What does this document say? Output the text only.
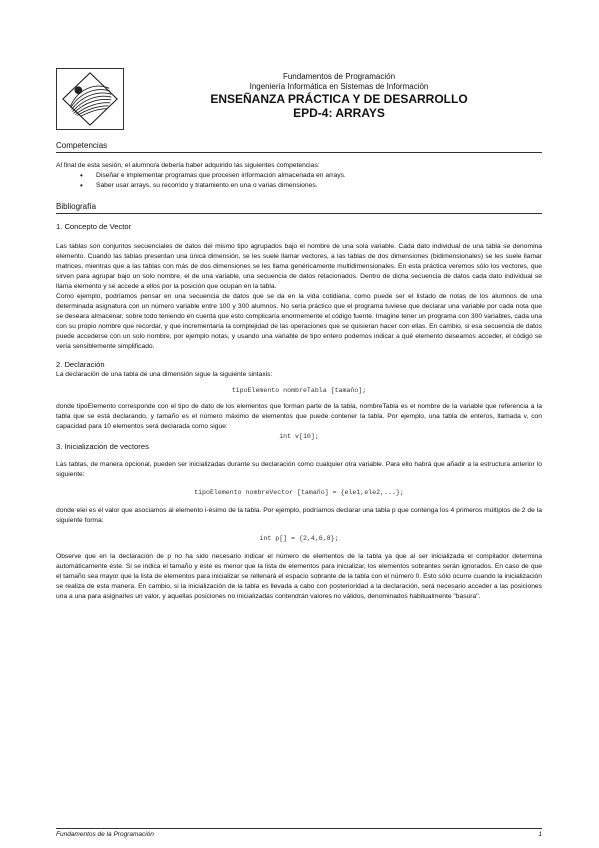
Fundamentos de Programación
Ingeniería Informática en Sistemas de Información
ENSEÑANZA PRÁCTICA Y DE DESARROLLO
EPD-4: ARRAYS
Competencias

Al final de esta sesión, el alumno/a debería haber adquirido las siguientes competencias:

• Diseñar e implementar programas que procesen información almacenada en arrays.
• Saber usar arrays, su recorrido y tratamiento en una o varias dimensiones.
Bibliografía

1. Concepto de Vector

Las tablas son conjuntos secuenciales de datos del mismo tipo agrupados bajo el nombre de una sola variable. Cada dato individual de una tabla se denomina elemento. Cuando las tablas presentan una única dimensión, se les suele llamar vectores, a las tablas de dos dimensiones (bidimensionales) se les suele llamar matrices, mientras que a las tablas con más de dos dimensiones se les llama genéricamente multidimensionales. En esta práctica veremos sólo los vectores, que sirven para agrupar bajo un solo nombre, el de una variable, una secuencia de datos relacionados. Dentro de dicha secuencia de datos cada dato individual se llama elemento y se accede a ellos por la posición que ocupan en la tabla.

Como ejemplo, podríamos pensar en una secuencia de datos que se da en la vida cotidiana, como puede ser el listado de notas de los alumnos de una determinada asignatura con un número variable entre 100 y 300 alumnos. No sería práctico que el programa tuviese que declarar una variable por cada nota que se deseara almacenar, sobre todo teniendo en cuenta que esto complicaría enormemente el código fuente. Imagine tener un programa con 300 variables, cada una con su propio nombre que recordar, y que incrementaría la complejidad de las operaciones que se quisieran hacer con ellas. En cambio, si esa secuencia de datos puede accederse con un solo nombre, por ejemplo notas, y usando una variable de tipo entero podemos indicar a qué elemento deseamos acceder, el código se vería sensiblemente simplificado.

2. Declaración

La declaración de una tabla de una dimensión sigue la siguiente sintaxis:

tipoElemento nombreTabla [tamaño];

donde tipoElemento corresponde con el tipo de dato de los elementos que forman parte de la tabla, nombreTabla es el nombre de la variable que referencia a la tabla que se está declarando, y tamaño es el número máximo de elementos que puede contener la tabla. Por ejemplo, una tabla de enteros, llamada v, con capacidad para 10 elementos será declarada como sigue:

int v[10];

3. Inicialización de vectores

Las tablas, de manera opcional, pueden ser inicializadas durante su declaración como cualquier otra variable. Para ello habrá que añadir a la estructura anterior lo siguiente:

tipoElemento nombreVector [tamaño] = {ele1,ele2,...};

donde elei es el valor que asociamos al elemento i-ésimo de la tabla. Por ejemplo, podríamos declarar una tabla p que contenga los 4 primeros múltiplos de 2 de la siguiente forma:

int p[] = {2,4,6,8};

Observe que en la declaración de p no ha sido necesario indicar el número de elementos de la tabla ya que al ser inicializada el compilador determina automáticamente éste. Si se indica el tamaño y éste es menor que la lista de elementos para inicializar, los elementos sobrantes serán ignorados. En caso de que el tamaño sea mayor que la lista de elementos para inicializar se rellenará el espacio sobrante de la tabla con el número 0. Esto sólo ocurre cuando la inicialización se realiza de esta manera. En cambio, si la inicialización de la tabla es llevada a cabo con posterioridad a la declaración, será necesario acceder a las posiciones una a una para asignarles un valor, y aquellas posiciones no inicializadas contendrán valores no válidos, denominados habitualmente "basura".

Fundamentos de la Programación	1
